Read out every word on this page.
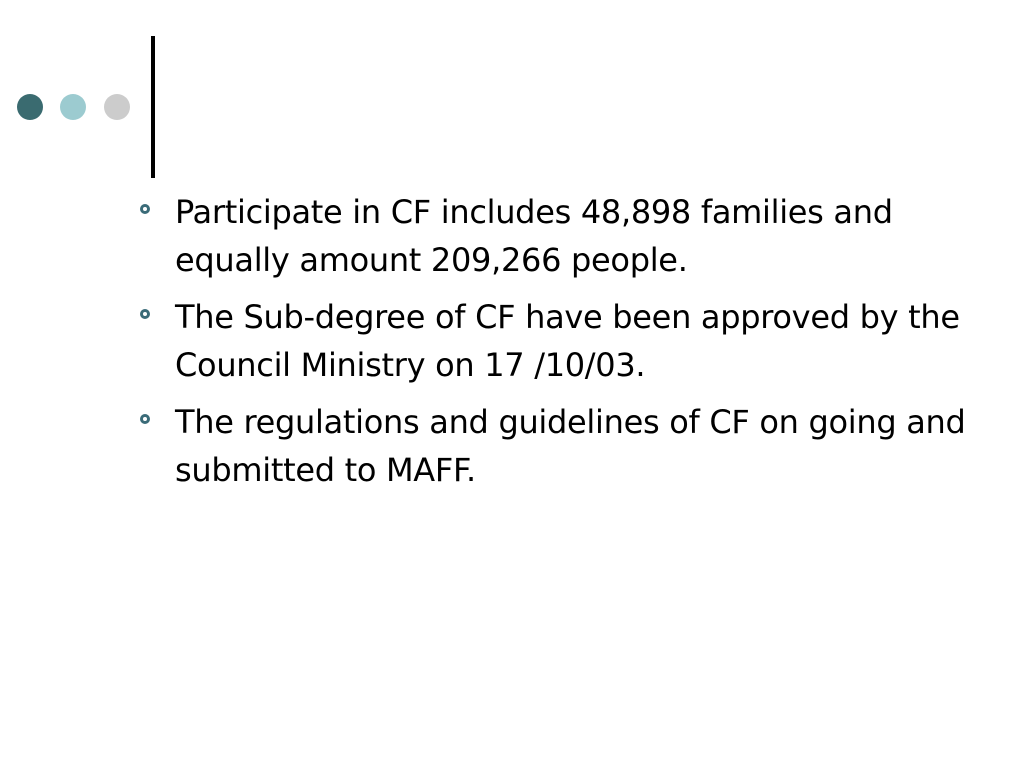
Participate in CF includes 48,898 families and equally amount 209,266 people.
The Sub-degree of CF have been approved by the Council Ministry on 17 /10/03.
The regulations and guidelines of CF on going and submitted to MAFF.
